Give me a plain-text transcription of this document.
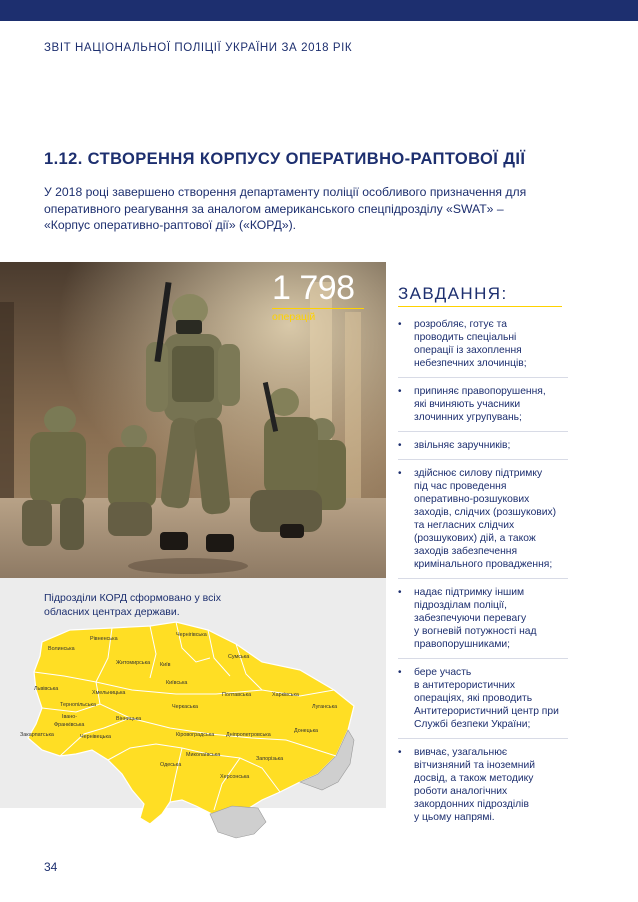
ЗВІТ НАЦІОНАЛЬНОЇ ПОЛІЦІЇ УКРАЇНИ ЗА 2018 РІК
1.12. СТВОРЕННЯ КОРПУСУ ОПЕРАТИВНО-РАПТОВОЇ ДІЇ
У 2018 році завершено створення департаменту поліції особливого призначення для
оперативного реагування за аналогом американського спецпідрозділу «SWAT» –
«Корпус оперативно-раптової дії» («КОРД»).
1 798
операцій
Волинська
Рівненська
Житомирська Київ
Чернігівська
Сумська
Львівська
Хмельницька
Київська
Полтавська	Харківська
Луганська
Тернопільська
Івано-
Франківська
Вінницька
Черкаська
Закарпатська	Чернівецька	Кіровоградська Дніпропетровська
Донецька
Миколаївська
Запорізька
Одеська
Херсонська
Підрозділи КОРД сформовано у всіх
обласних центрах держави.
ЗАВДАННЯ:
• розробляє, готує та
проводить спеціальні
операції із захоплення
небезпечних злочинців;
• припиняє правопорушення,
які вчиняють учасники
злочинних угрупувань;
• звільняє заручників;
• здійснює силову підтримку
під час проведення
оперативно-розшукових
заходів, слідчих (розшукових)
та негласних слідчих
(розшукових) дій, а також
заходів забезпечення
кримінального провадження;
• надає підтримку іншим
підрозділам поліції,
забезпечуючи перевагу
у вогневій потужності над
правопорушниками;
• бере участь
в антитерористичних
операціях, які проводить
Антитерористичний центр при
Службі безпеки України;
• вивчає, узагальнює
вітчизняний та іноземний
досвід, а також методику
роботи аналогічних
закордонних підрозділів
у цьому напрямі.
34
